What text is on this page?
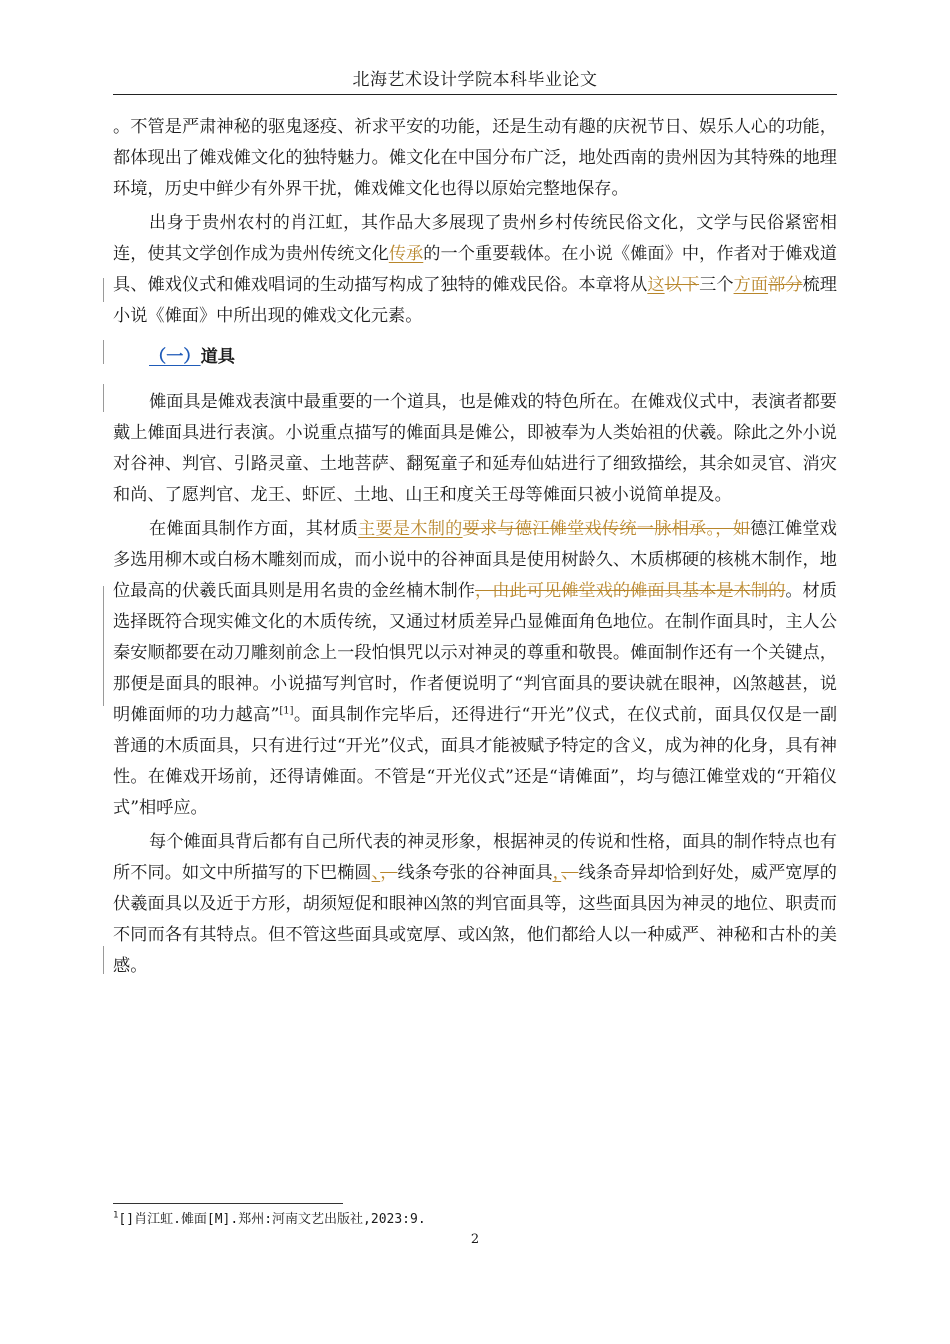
北海艺术设计学院本科毕业论文

。不管是严肃神秘的驱鬼逐疫、祈求平安的功能，还是生动有趣的庆祝节日、娱乐人心的功能，都体现出了傩戏傩文化的独特魅力。傩文化在中国分布广泛，地处西南的贵州因为其特殊的地理环境，历史中鲜少有外界干扰，傩戏傩文化也得以原始完整地保存。

出身于贵州农村的肖江虹，其作品大多展现了贵州乡村传统民俗文化，文学与民俗紧密相连，使其文学创作成为贵州传统文化传承的一个重要载体。在小说《傩面》中，作者对于傩戏道具、傩戏仪式和傩戏唱词的生动描写构成了独特的傩戏民俗。本章将从这以下三个方面部分梳理小说《傩面》中所出现的傩戏文化元素。

（一）道具

傩面具是傩戏表演中最重要的一个道具，也是傩戏的特色所在。在傩戏仪式中，表演者都要戴上傩面具进行表演。小说重点描写的傩面具是傩公，即被奉为人类始祖的伏羲。除此之外小说对谷神、判官、引路灵童、土地菩萨、翻冤童子和延寿仙姑进行了细致描绘，其余如灵官、消灾和尚、了愿判官、龙王、虾匠、土地、山王和度关王母等傩面只被小说简单提及。

在傩面具制作方面，其材质主要是木制的要求与德江傩堂戏传统一脉相承。，如德江傩堂戏多选用柳木或白杨木雕刻而成，而小说中的谷神面具是使用树龄久、木质梆硬的核桃木制作，地位最高的伏羲氏面具则是用名贵的金丝楠木制作，由此可见傩堂戏的傩面具基本是木制的。材质选择既符合现实傩文化的木质传统，又通过材质差异凸显傩面角色地位。在制作面具时，主人公秦安顺都要在动刀雕刻前念上一段怕惧咒以示对神灵的尊重和敬畏。傩面制作还有一个关键点，那便是面具的眼神。小说描写判官时，作者便说明了“判官面具的要诀就在眼神，凶煞越甚，说明傩面师的功力越高”[1]。面具制作完毕后，还得进行“开光”仪式，在仪式前，面具仅仅是一副普通的木质面具，只有进行过“开光”仪式，面具才能被赋予特定的含义，成为神的化身，具有神性。在傩戏开场前，还得请傩面。不管是“开光仪式”还是“请傩面”，均与德江傩堂戏的“开箱仪式”相呼应。

每个傩面具背后都有自己所代表的神灵形象，根据神灵的传说和性格，面具的制作特点也有所不同。如文中所描写的下巴椭圆、，线条夸张的谷神面具，、线条奇异却恰到好处，威严宽厚的伏羲面具以及近于方形，胡须短促和眼神凶煞的判官面具等，这些面具因为神灵的地位、职责而不同而各有其特点。但不管这些面具或宽厚、或凶煞，他们都给人以一种威严、神秘和古朴的美感。

$^1$[]肖江虹.傩面[M].郑州:河南文艺出版社,2023:9.
2
